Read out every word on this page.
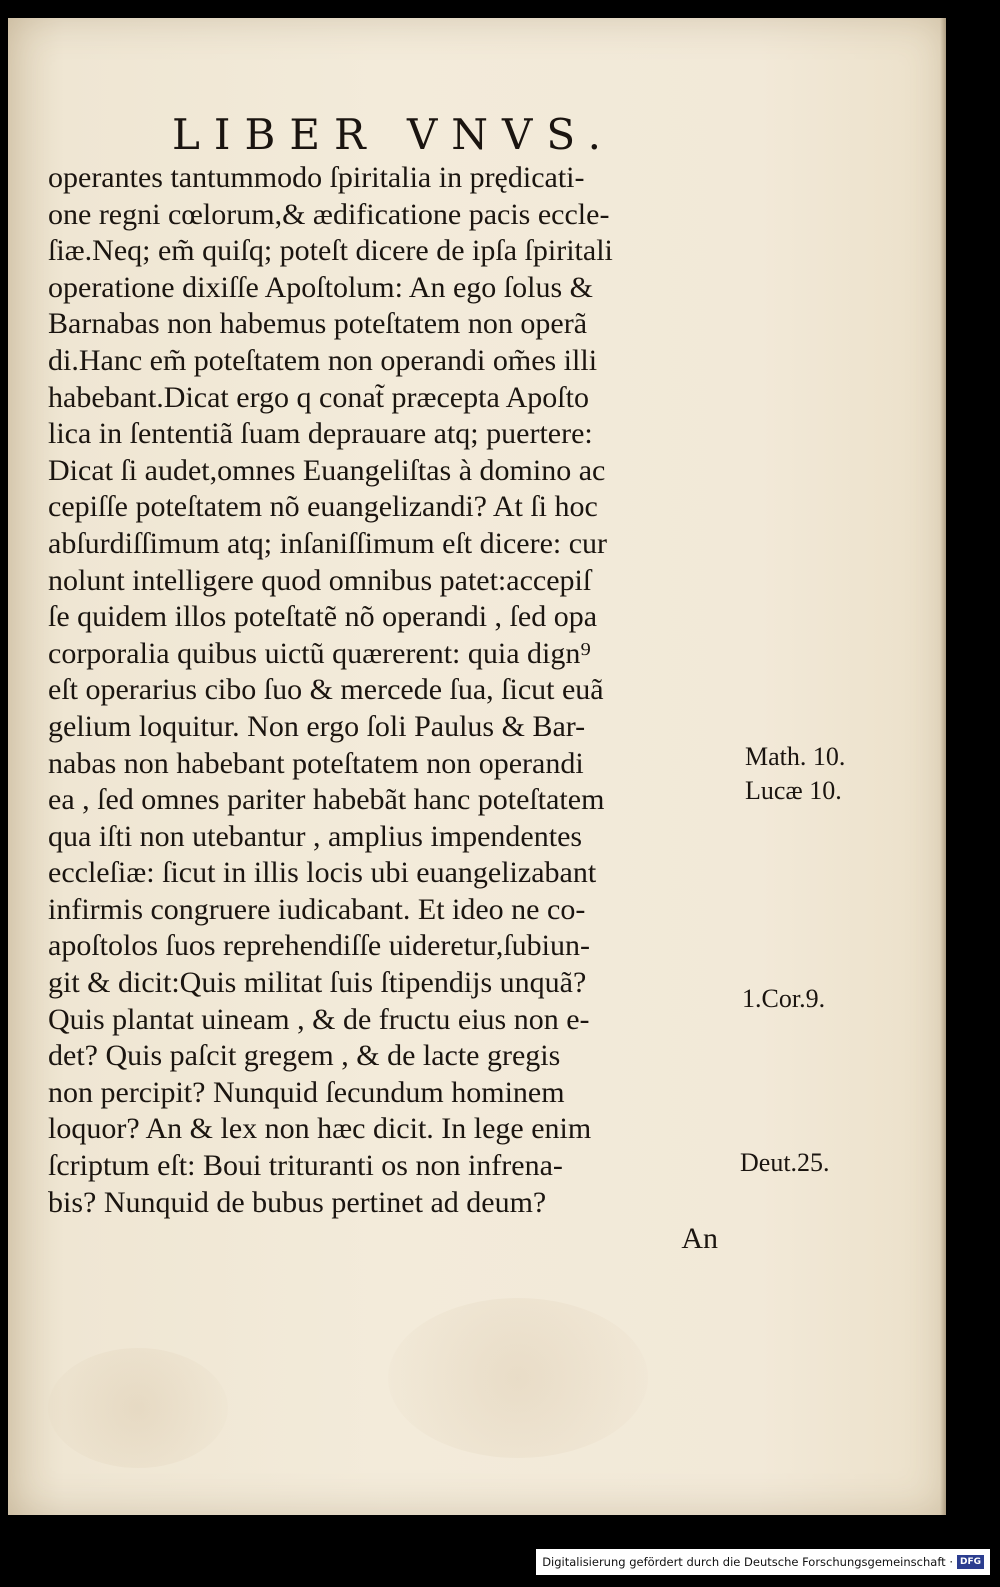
LIBER VNVS.
operantes tantummodo ſpiritalia in prędicati-
one regni cœlorum,& ædificatione pacis eccle-
ſiæ.Neq; em̃ quiſq; poteſt dicere de ipſa ſpiritali
operatione dixiſſe Apoſtolum: An ego ſolus &
Barnabas non habemus poteſtatem non operã
di.Hanc em̃ poteſtatem non operandi om̃es illi
habebant.Dicat ergo q conat̃ præcepta Apoſto
lica in ſententiã ſuam deprauare atq; puertere:
Dicat ſi audet,omnes Euangeliſtas à domino ac
cepiſſe poteſtatem nõ euangelizandi? At ſi hoc
abſurdiſſimum atq; inſaniſſimum eſt dicere: cur
nolunt intelligere quod omnibus patet:accepiſ
ſe quidem illos poteſtatẽ nõ operandi , ſed opa
corporalia quibus uictũ quærerent: quia dign⁹
eſt operarius cibo ſuo & mercede ſua, ſicut euã
gelium loquitur. Non ergo ſoli Paulus & Bar-
nabas non habebant poteſtatem non operandi
ea , ſed omnes pariter habebãt hanc poteſtatem
qua iſti non utebantur , amplius impendentes
eccleſiæ: ſicut in illis locis ubi euangelizabant
infirmis congruere iudicabant. Et ideo ne co-
apoſtolos ſuos reprehendiſſe uideretur,ſubiun-
git & dicit:Quis militat ſuis ſtipendijs unquã?
Quis plantat uineam , & de fructu eius non e-
det? Quis paſcit gregem , & de lacte gregis
non percipit? Nunquid ſecundum hominem
loquor? An & lex non hæc dicit. In lege enim
ſcriptum eſt: Boui trituranti os non infrena-
bis? Nunquid de bubus pertinet ad deum?
An
Math. 10.
Lucæ 10.
1.Cor.9.
Deut.25.
Digitalisierung gefördert durch die Deutsche Forschungsgemeinschaft · DFG
